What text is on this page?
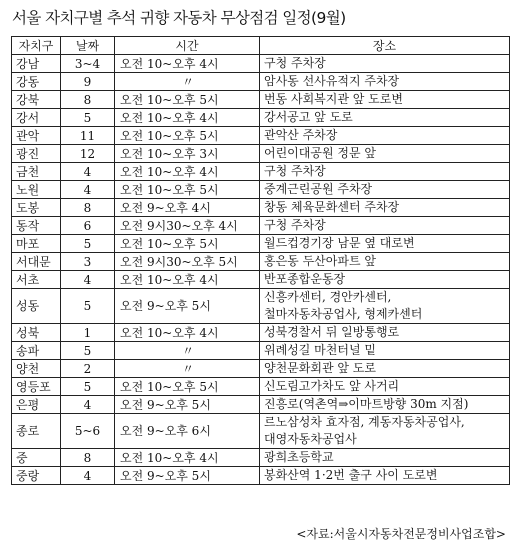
서울 자치구별 추석 귀향 자동차 무상점검 일정(9월)
자치구	날짜	시간	장소
강남	3~4	오전 10~오후 4시	구청 주차장

강동	9	〃	암사동 선사유적지 주차장

강북	8	오전 10~오후 5시	번동 사회복지관 앞 도로변

강서	5	오전 10~오후 4시	강서공고 앞 도로

관악	11	오전 10~오후 5시	관악산 주차장

광진	12	오전 10~오후 3시	어린이대공원 정문 앞

금천	4	오전 10~오후 4시	구청 주차장

노원	4	오전 10~오후 5시	중계근린공원 주차장

도봉	8	오전 9~오후 4시	창동 체육문화센터 주차장

동작	6	오전 9시30~오후 4시	구청 주차장

마포	5	오전 10~오후 5시	월드컵경기장 남문 옆 대로변

서대문	3	오전 9시30~오후 5시	홍은동 두산아파트 앞

서초	4	오전 10~오후 4시	반포종합운동장

성동	5	오전 9~오후 5시	신흥카센터, 경안카센터,
철마자동차공업사, 형제카센터

성북	1	오전 10~오후 4시	성북경찰서 뒤 일방통행로

송파	5	〃	위례성길 마천터널 밑

양천	2	〃	양천문화회관 앞 도로

영등포	5	오전 10~오후 5시	신도림고가차도 앞 사거리

은평	4	오전 9~오후 5시	진흥로(역촌역⇒이마트방향 30m 지점)

종로	5~6	오전 9~오후 6시	르노삼성차 효자점, 계동자동차공업사,
대영자동차공업사

중	8	오전 10~오후 4시	광희초등학교

중랑	4	오전 9~오후 5시	봉화산역 1·2번 출구 사이 도로변
<자료:서울시자동차전문정비사업조합>
